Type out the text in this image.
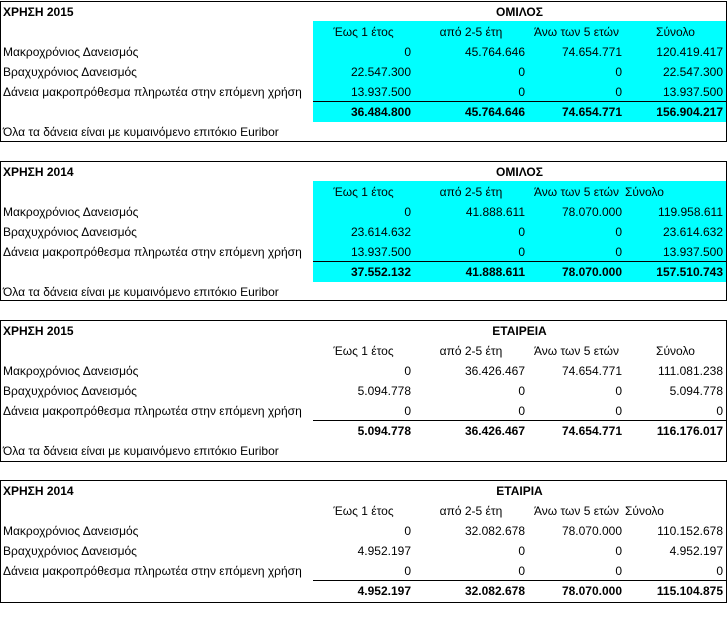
ΧΡΗΣΗ 2015	ΟΜΙΛΟΣ
Έως 1 έτος	από 2-5 έτη	Άνω των 5 ετών	Σύνολο
Μακροχρόνιος Δανεισμός	0	45.764.646	74.654.771	120.419.417
Βραχυχρόνιος Δανεισμός	22.547.300	0	0	22.547.300
Δάνεια μακροπρόθεσμα πληρωτέα στην επόμενη χρήση	13.937.500	0	0	13.937.500
36.484.800	45.764.646	74.654.771	156.904.217
Όλα τα δάνεια είναι με κυμαινόμενο επιτόκιο Euribor
ΧΡΗΣΗ 2014	ΟΜΙΛΟΣ
Έως 1 έτος	από 2-5 έτη	Άνω των 5 ετών Σύνολο
Μακροχρόνιος Δανεισμός	0	41.888.611	78.070.000	119.958.611
Βραχυχρόνιος Δανεισμός	23.614.632	0	0	23.614.632
Δάνεια μακροπρόθεσμα πληρωτέα στην επόμενη χρήση	13.937.500	0	0	13.937.500
37.552.132	41.888.611	78.070.000	157.510.743
Όλα τα δάνεια είναι με κυμαινόμενο επιτόκιο Euribor
ΧΡΗΣΗ 2015	ΕΤΑΙΡΕΙΑ
Έως 1 έτος	από 2-5 έτη	Άνω των 5 ετών	Σύνολο
Μακροχρόνιος Δανεισμός	0	36.426.467	74.654.771	111.081.238
Βραχυχρόνιος Δανεισμός	5.094.778	0	0	5.094.778
Δάνεια μακροπρόθεσμα πληρωτέα στην επόμενη χρήση	0	0	0	0
5.094.778	36.426.467	74.654.771	116.176.017
Όλα τα δάνεια είναι με κυμαινόμενο επιτόκιο Euribor
ΧΡΗΣΗ 2014	ΕΤΑΙΡΙΑ
Έως 1 έτος	από 2-5 έτη	Άνω των 5 ετών Σύνολο
Μακροχρόνιος Δανεισμός	0	32.082.678	78.070.000	110.152.678
Βραχυχρόνιος Δανεισμός	4.952.197	0	0	4.952.197
Δάνεια μακροπρόθεσμα πληρωτέα στην επόμενη χρήση	0	0	0	0
4.952.197	32.082.678	78.070.000	115.104.875
